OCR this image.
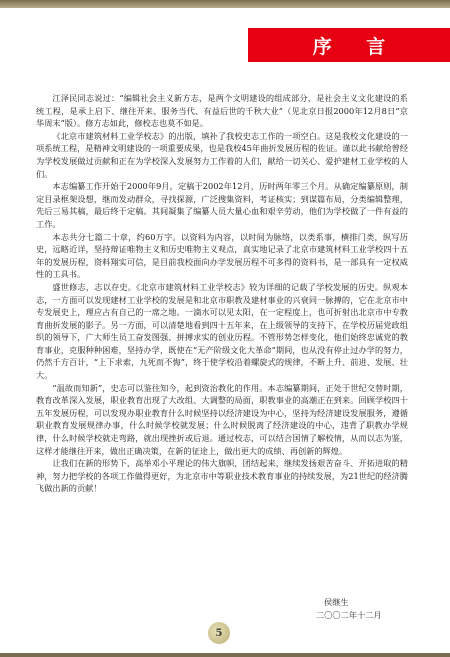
序 言

江泽民同志说过：“编辑社会主义新方志，是两个文明建设的组成部分，是社会主义文化建设的系统工程，是承上启下、继往开来、服务当代、有益后世的千秋大业”（见北京日报2000年12月8日“京华周末”版）。修方志如此，修校志也莫不如是。

《北京市建筑材料工业学校志》的出版，填补了我校史志工作的一项空白。这是我校文化建设的一项系统工程，是精神文明建设的一项重要成果，也是我校45年曲折发展历程的佐证。谨以此书献给曾经为学校发展做过贡献和正在为学校深入发展努力工作着的人们，献给一切关心、爱护建材工业学校的人们。

本志编纂工作开始于2000年9月，定稿于2002年12月，历时两年零三个月。从确定编纂原则，制定目录框架设想，继而发动群众，寻找探源，广泛搜集资料，考证核实；到谋篇布局，分类编辑整理，先后三易其稿，最后终于定稿。其间凝集了编纂人员大量心血和艰辛劳动，他们为学校做了一件有益的工作。

本志共分七篇二十章，约60万字。以资料为内容，以时间为脉络，以类系事，横排门类，纵写历史，远略近详，坚持辩证唯物主义和历史唯物主义观点，真实地记录了北京市建筑材料工业学校四十五年的发展历程，资料翔实可信，是目前我校面向办学发展历程不可多得的资料书，是一部具有一定权威性的工具书。

盛世修志，志以存史。《北京市建筑材料工业学校志》较为详细的记载了学校发展的历史。纵观本志，一方面可以发现建材工业学校的发展是和北京市职教及建材事业的兴衰同一脉搏的，它在北京市中专发展史上，理应占有自己的一席之地。一滴水可以见太阳，在一定程度上，也可折射出北京市中专教育曲折发展的影子。另一方面，可以清楚地看到四十五年来，在上级领导的支持下，在学校历届党政组织的领导下，广大师生员工奋发图强、拼搏求实的创业历程。不管形势怎样变化，他们始终忠诚党的教育事业，克服种种困难，坚持办学，既使在“无产阶级文化大革命”期间，也从没有停止过办学的努力，仍然千方百计，“上下求索，九死而不悔”，终于使学校沿着螺旋式的规律，不断上升、前进、发展、壮大。

“温故而知新”，史志可以鉴往知今，起到资治教化的作用。本志编纂期间，正处于世纪交替时期，教育改革深入发展，职业教育出现了大改组、大调整的局面，职教事业的高潮正在到来。回顾学校四十五年发展历程，可以发现办职业教育什么时候坚持以经济建设为中心，坚持为经济建设发展服务，遵循职业教育发展规律办事，什么时候学校就发展；什么时候脱离了经济建设的中心，违背了职教办学规律，什么时候学校就走弯路，就出现挫折或后退。通过校志，可以结合国情了解校情，从而以志为鉴，这样才能继往开来，做出正确决策，在新的征途上，做出更大的成绩、再创新的辉煌。

让我们在新的形势下，高举邓小平理论的伟大旗帜，团结起来，继续发扬艰苦奋斗、开拓进取的精神，努力把学校的各项工作做得更好，为北京市中等职业技术教育事业的持续发展，为21世纪的经济腾飞做出新的贡献！

侯继生
二〇〇二年十二月
5
